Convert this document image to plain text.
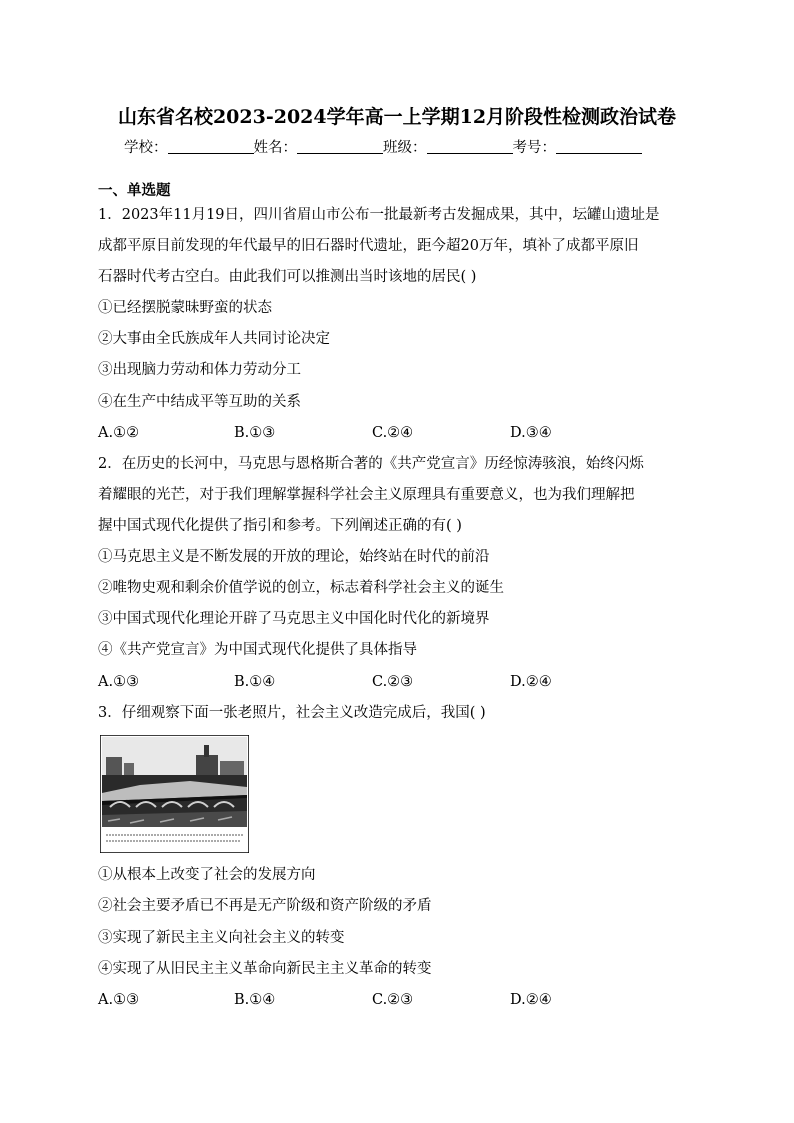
山东省名校2023-2024学年高一上学期12月阶段性检测政治试卷
学校：	姓名：	班级：	考号：
一、单选题
1．2023年11月19日，四川省眉山市公布一批最新考古发掘成果，其中，坛罐山遗址是
成都平原目前发现的年代最早的旧石器时代遗址，距今超20万年，填补了成都平原旧
石器时代考古空白。由此我们可以推测出当时该地的居民( )
①已经摆脱蒙昧野蛮的状态
②大事由全氏族成年人共同讨论决定
③出现脑力劳动和体力劳动分工
④在生产中结成平等互助的关系
A.①②	B.①③	C.②④	D.③④
2．在历史的长河中，马克思与恩格斯合著的《共产党宣言》历经惊涛骇浪，始终闪烁
着耀眼的光芒，对于我们理解掌握科学社会主义原理具有重要意义，也为我们理解把
握中国式现代化提供了指引和参考。下列阐述正确的有( )
①马克思主义是不断发展的开放的理论，始终站在时代的前沿
②唯物史观和剩余价值学说的创立，标志着科学社会主义的诞生
③中国式现代化理论开辟了马克思主义中国化时代化的新境界
④《共产党宣言》为中国式现代化提供了具体指导
A.①③	B.①④	C.②③	D.②④
3．仔细观察下面一张老照片，社会主义改造完成后，我国( )
①从根本上改变了社会的发展方向
②社会主要矛盾已不再是无产阶级和资产阶级的矛盾
③实现了新民主主义向社会主义的转变
④实现了从旧民主主义革命向新民主主义革命的转变
A.①③	B.①④	C.②③	D.②④
